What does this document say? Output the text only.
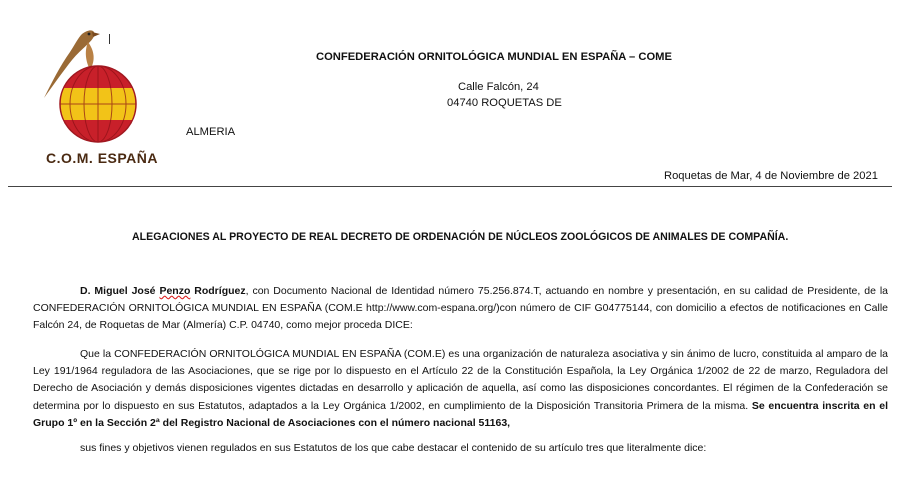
C.O.M. ESPAÑA
CONFEDERACIÓN ORNITOLÓGICA MUNDIAL EN ESPAÑA – COME
Calle Falcón, 24
04740 ROQUETAS DE
ALMERIA
Roquetas de Mar, 4 de Noviembre de 2021
ALEGACIONES AL PROYECTO DE REAL DECRETO DE ORDENACIÓN DE NÚCLEOS ZOOLÓGICOS DE ANIMALES DE COMPAÑÍA.
D. Miguel José Penzo Rodríguez, con Documento Nacional de Identidad número 75.256.874.T, actuando en nombre y presentación, en su calidad de Presidente, de la CONFEDERACIÓN ORNITOLÓGICA MUNDIAL EN ESPAÑA (COM.E http://www.com-espana.org/)con número de CIF G04775144, con domicilio a efectos de notificaciones en Calle Falcón 24, de Roquetas de Mar (Almería) C.P. 04740, como mejor proceda DICE:
Que la CONFEDERACIÓN ORNITOLÓGICA MUNDIAL EN ESPAÑA (COM.E) es una organización de naturaleza asociativa y sin ánimo de lucro, constituida al amparo de la Ley 191/1964 reguladora de las Asociaciones, que se rige por lo dispuesto en el Artículo 22 de la Constitución Española, la Ley Orgánica 1/2002 de 22 de marzo, Reguladora del Derecho de Asociación y demás disposiciones vigentes dictadas en desarrollo y aplicación de aquella, así como las disposiciones concordantes. El régimen de la Confederación se determina por lo dispuesto en sus Estatutos, adaptados a la Ley Orgánica 1/2002, en cumplimiento de la Disposición Transitoria Primera de la misma. Se encuentra inscrita en el Grupo 1º en la Sección 2ª del Registro Nacional de Asociaciones con el número nacional 51163,
sus fines y objetivos vienen regulados en sus Estatutos de los que cabe destacar el contenido de su artículo tres que literalmente dice:
